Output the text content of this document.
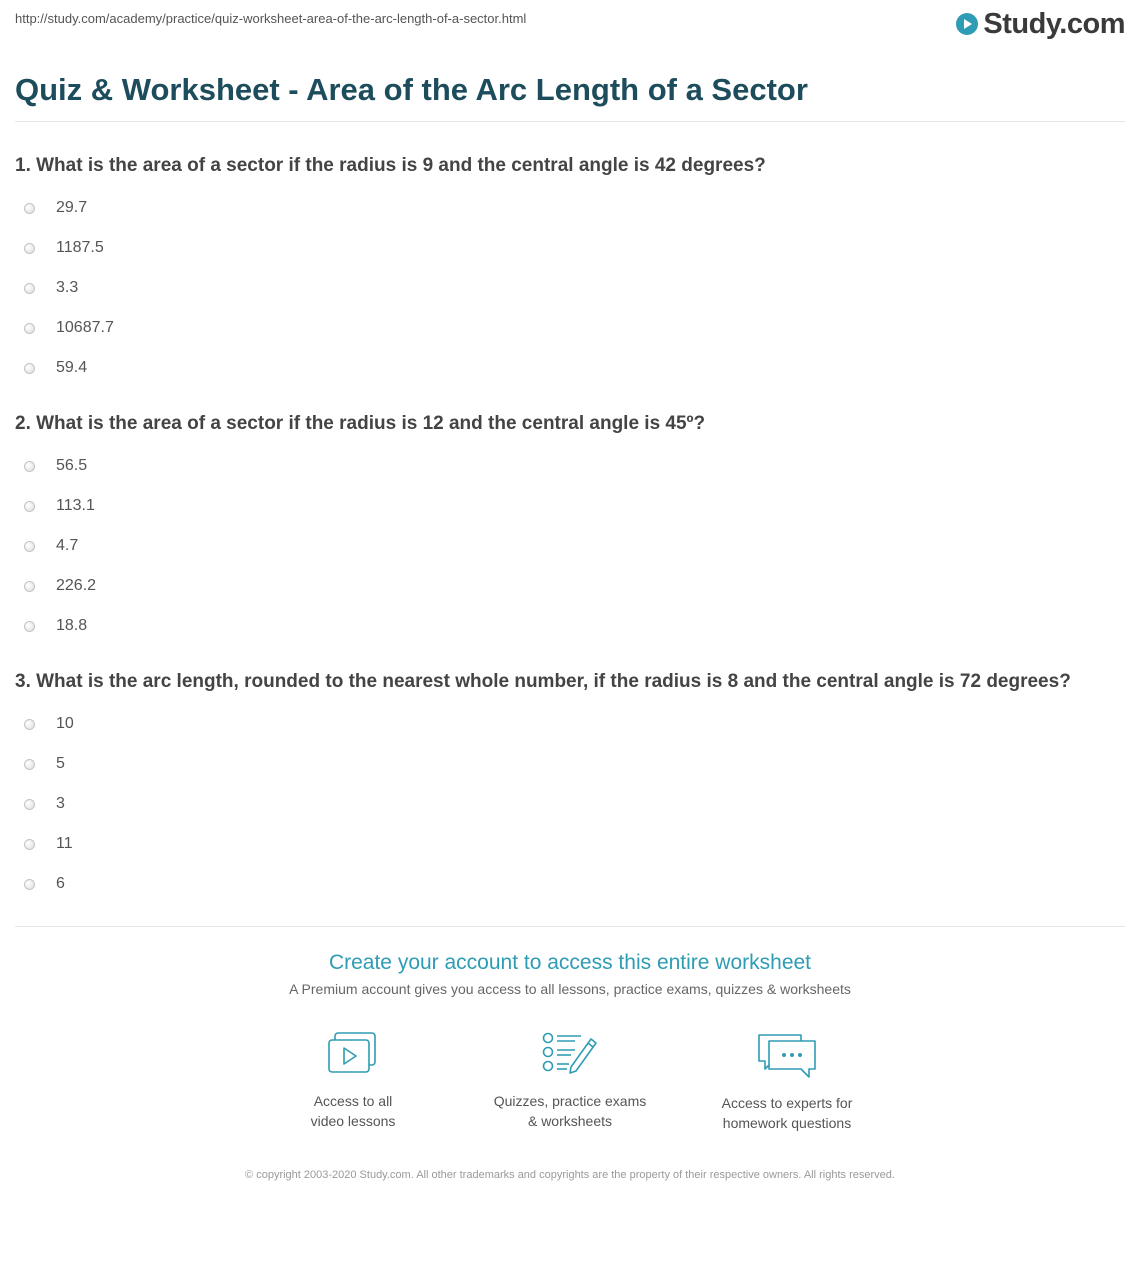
http://study.com/academy/practice/quiz-worksheet-area-of-the-arc-length-of-a-sector.html	Study.com
Quiz & Worksheet - Area of the Arc Length of a Sector
1. What is the area of a sector if the radius is 9 and the central angle is 42 degrees?
29.7
1187.5
3.3
10687.7
59.4
2. What is the area of a sector if the radius is 12 and the central angle is 45º?
56.5
113.1
4.7
226.2
18.8
3. What is the arc length, rounded to the nearest whole number, if the radius is 8 and the central angle is 72 degrees?
10
5
3
11
6
Create your account to access this entire worksheet
A Premium account gives you access to all lessons, practice exams, quizzes & worksheets
Access to all
video lessons
Quizzes, practice exams
& worksheets
Access to experts for
homework questions
© copyright 2003-2020 Study.com. All other trademarks and copyrights are the property of their respective owners. All rights reserved.
